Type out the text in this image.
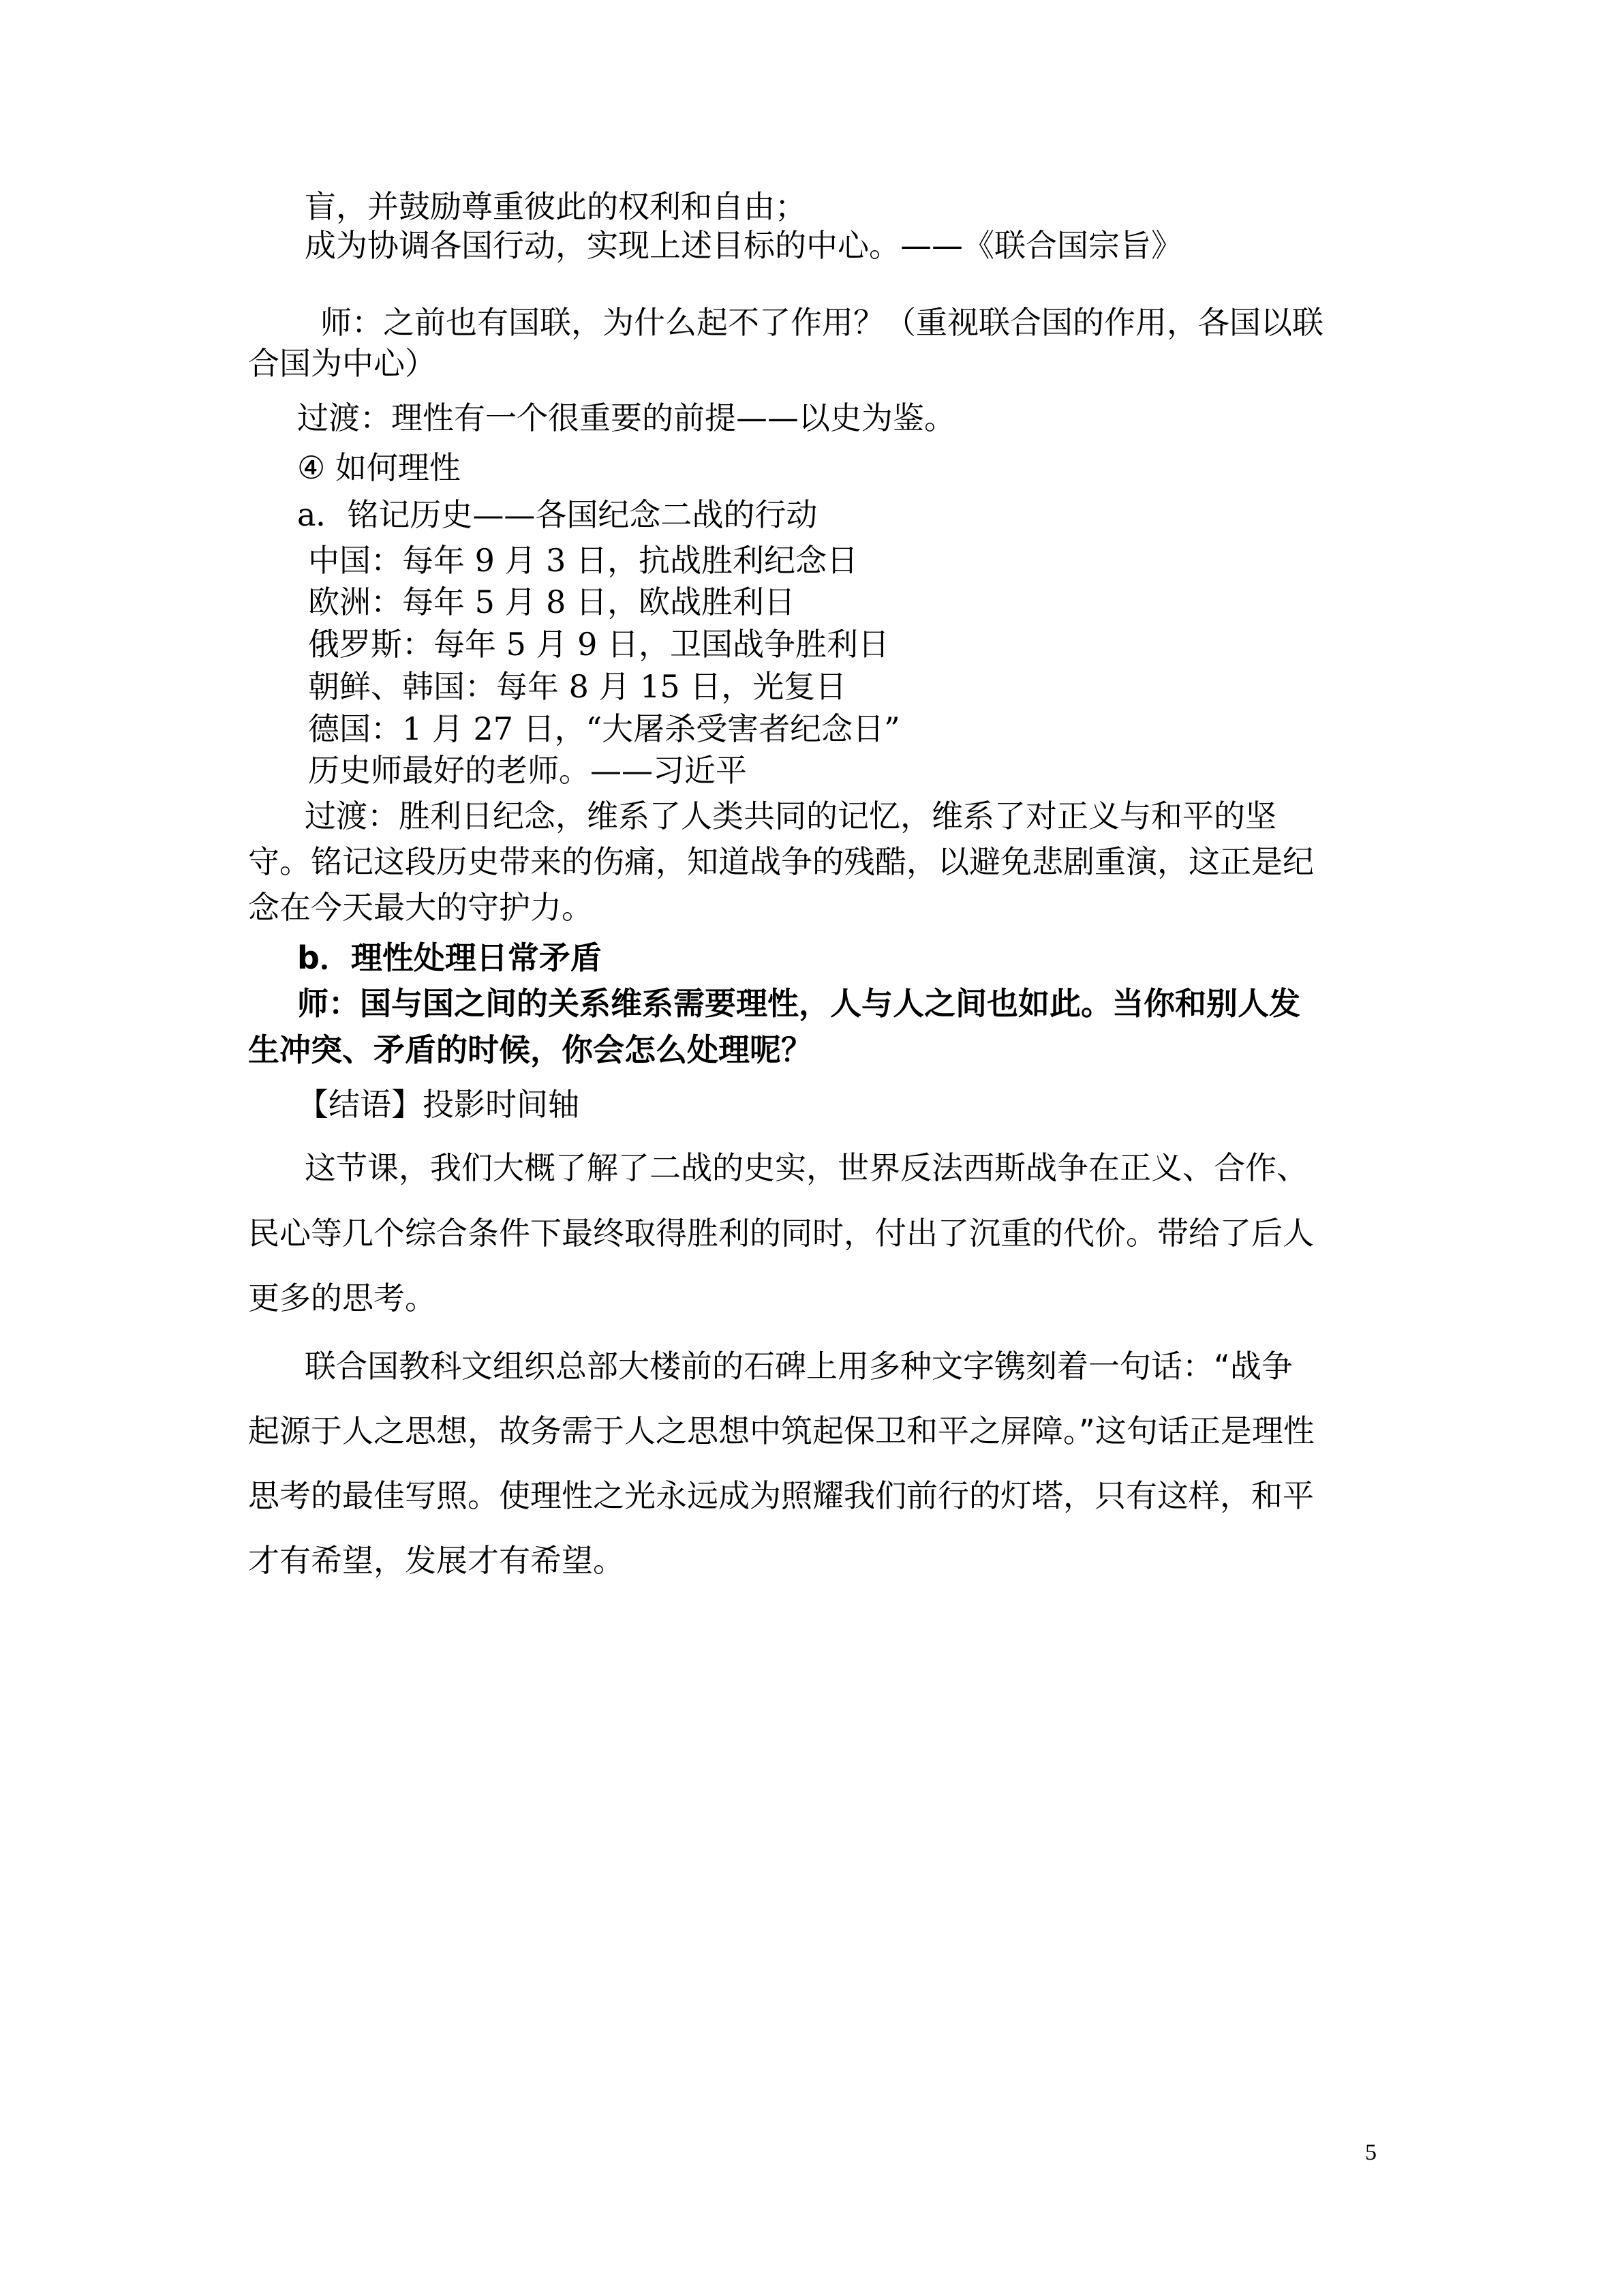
盲，并鼓励尊重彼此的权利和自由；
成为协调各国行动，实现上述目标的中心。——《联合国宗旨》
师：之前也有国联，为什么起不了作用？（重视联合国的作用，各国以联
合国为中心）
过渡：理性有一个很重要的前提——以史为鉴。
④ 如何理性
a．铭记历史——各国纪念二战的行动
中国：每年 9 月 3 日，抗战胜利纪念日
欧洲：每年 5 月 8 日，欧战胜利日
俄罗斯：每年 5 月 9 日，卫国战争胜利日
朝鲜、韩国：每年 8 月 15 日，光复日
德国：1 月 27 日，“大屠杀受害者纪念日”
历史师最好的老师。——习近平
过渡：胜利日纪念，维系了人类共同的记忆，维系了对正义与和平的坚
守。铭记这段历史带来的伤痛，知道战争的残酷，以避免悲剧重演，这正是纪
念在今天最大的守护力。
b．理性处理日常矛盾
师：国与国之间的关系维系需要理性，人与人之间也如此。当你和别人发
生冲突、矛盾的时候，你会怎么处理呢？
【结语】投影时间轴
这节课，我们大概了解了二战的史实，世界反法西斯战争在正义、合作、
民心等几个综合条件下最终取得胜利的同时，付出了沉重的代价。带给了后人
更多的思考。
联合国教科文组织总部大楼前的石碑上用多种文字镌刻着一句话：“战争
起源于人之思想，故务需于人之思想中筑起保卫和平之屏障。”这句话正是理性
思考的最佳写照。使理性之光永远成为照耀我们前行的灯塔，只有这样，和平
才有希望，发展才有希望。
5
